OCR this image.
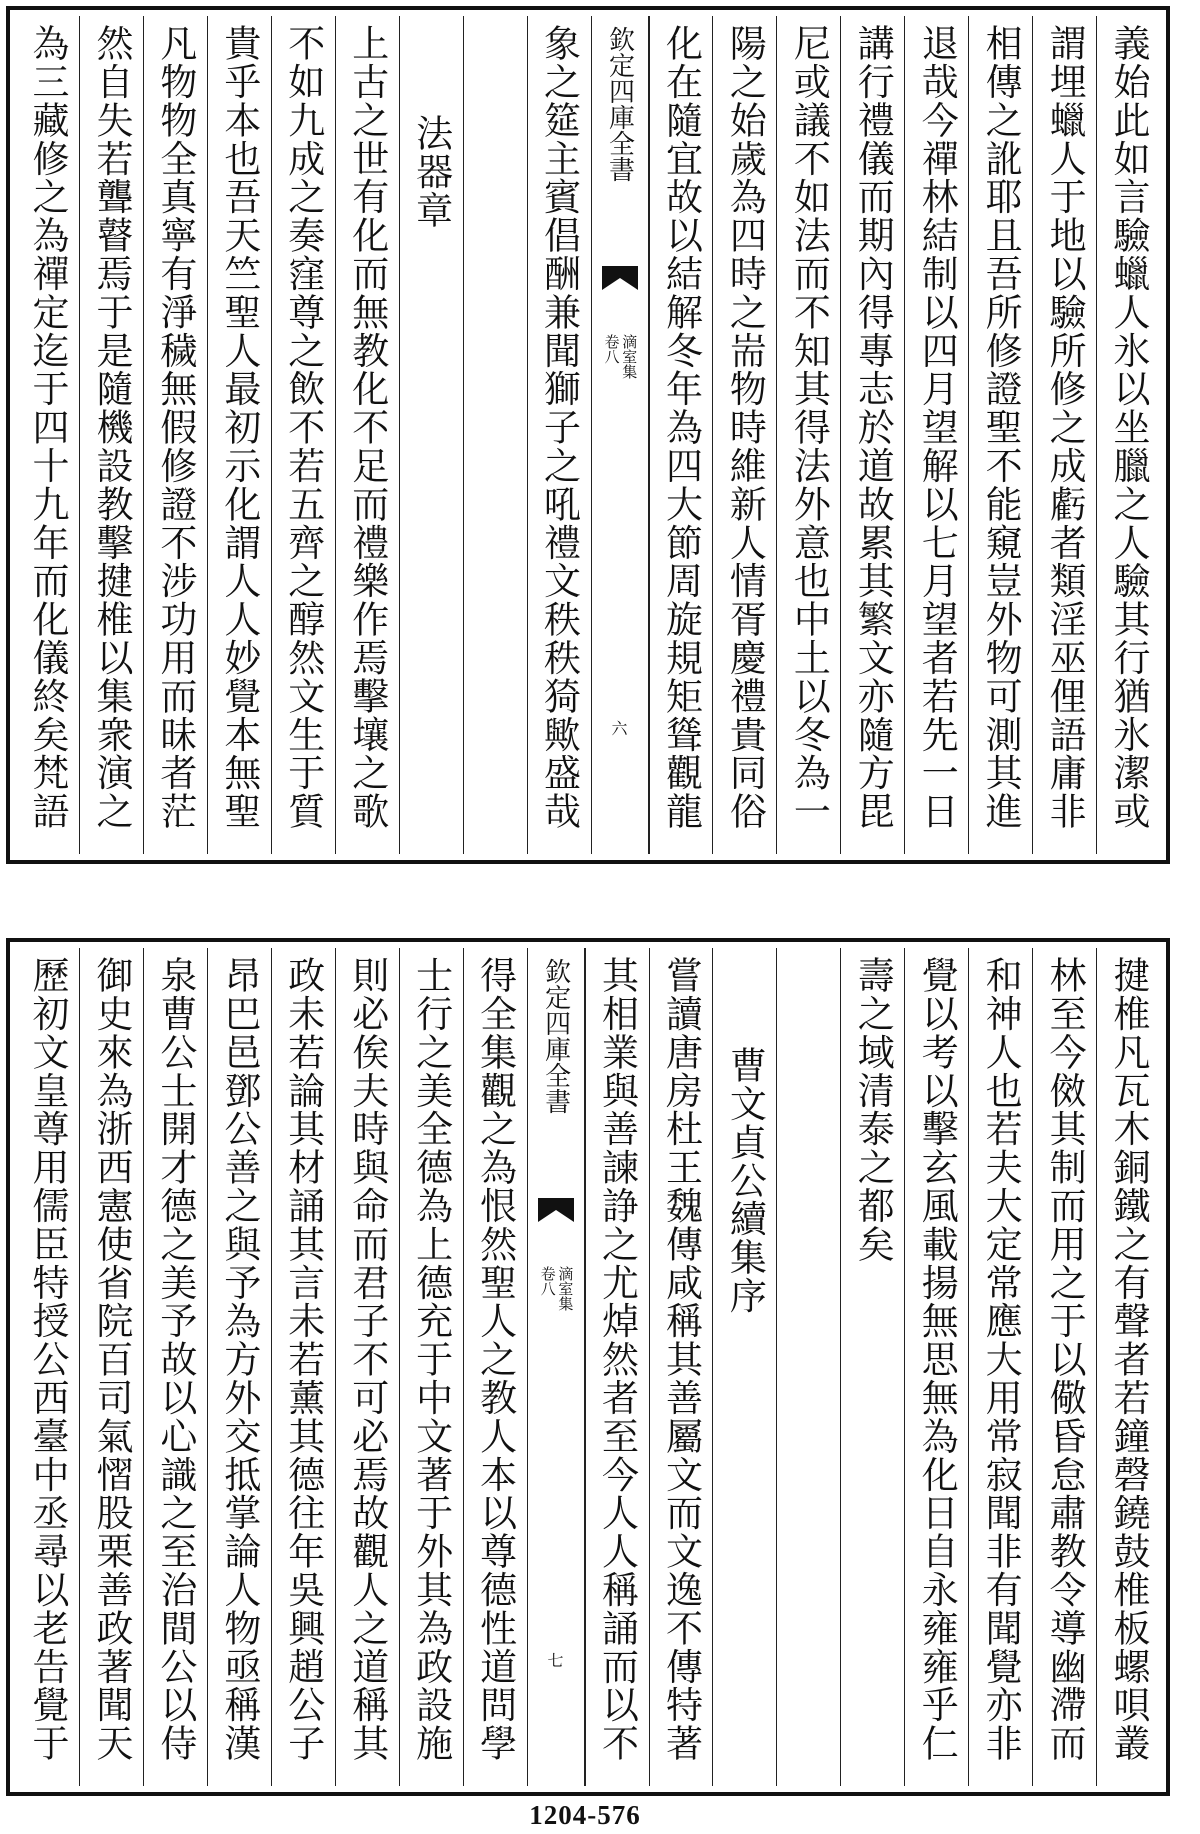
義始此如言驗蠟人氷以坐臘之人驗其行猶氷潔或
謂埋蠟人于地以驗所修之成虧者類淫巫俚語庸非
相傳之訛耶且吾所修證聖不能窺豈外物可測其進
退哉今禪林結制以四月望解以七月望者若先一日
講行禮儀而期內得專志於道故累其繁文亦隨方毘
尼或議不如法而不知其得法外意也中土以冬為一
陽之始歲為四時之耑物時維新人情胥慶禮貴同俗
化在隨宜故以結解冬年為四大節周旋規矩聳觀龍
欽定四庫全書
滴室集
卷八
六
象之筵主賓倡酬兼聞獅子之吼禮文秩秩猗歟盛哉
法器章
上古之世有化而無教化不足而禮樂作焉擊壤之歌
不如九成之奏窪尊之飲不若五齊之醇然文生于質
貴乎本也吾天竺聖人最初示化謂人人妙覺本無聖
凡物物全真寧有淨穢無假修證不涉功用而昧者茫
然自失若聾瞽焉于是隨機設教擊揵椎以集衆演之
為三藏修之為禪定迄于四十九年而化儀終矣梵語
揵椎凡瓦木銅鐵之有聲者若鐘磬鐃鼓椎板螺唄叢
林至今傚其制而用之于以儆昏怠肅教令導幽滯而
和神人也若夫大定常應大用常寂聞非有聞覺亦非
覺以考以擊玄風載揚無思無為化日自永雍雍乎仁
壽之域清泰之都矣
曹文貞公續集序
嘗讀唐房杜王魏傳咸稱其善屬文而文逸不傳特著
其相業與善諫諍之尤焯然者至今人人稱誦而以不
欽定四庫全書
滴室集
卷八
七
得全集觀之為恨然聖人之教人本以尊德性道問學
士行之美全德為上德充于中文著于外其為政設施
則必俟夫時與命而君子不可必焉故觀人之道稱其
政未若論其材誦其言未若薰其德往年吳興趙公子
昂巴邑鄧公善之與予為方外交抵掌論人物亟稱漢
泉曹公士開才德之美予故以心識之至治間公以侍
御史來為浙西憲使省院百司氣慴股栗善政著聞天
歷初文皇尊用儒臣特授公西臺中丞尋以老告覺于
1204-576
